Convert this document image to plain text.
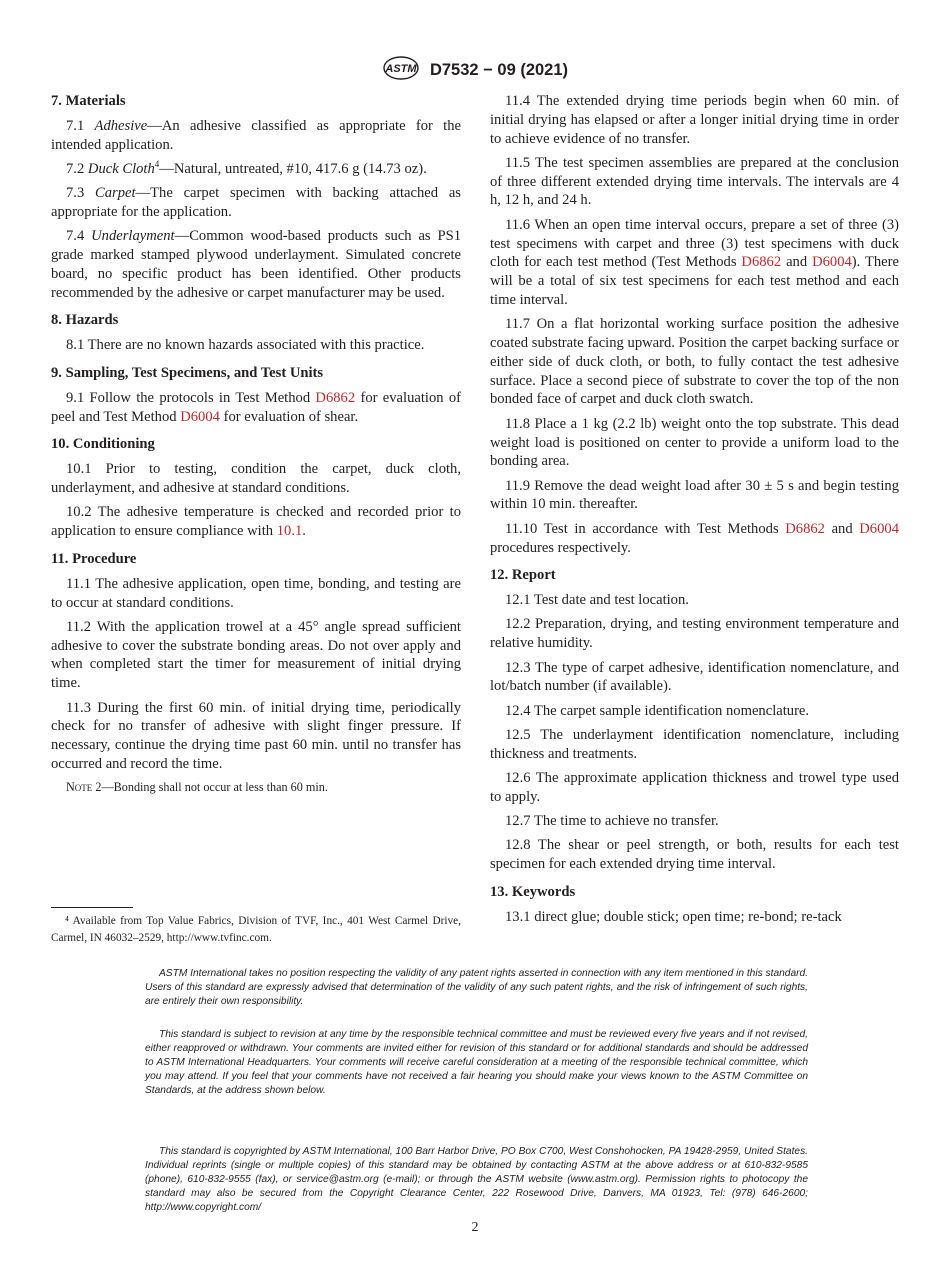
ASTM D7532 − 09 (2021)
7. Materials

7.1 Adhesive—An adhesive classified as appropriate for the intended application.

7.2 Duck Cloth$^4$—Natural, untreated, #10, 417.6 g (14.73 oz).

7.3 Carpet—The carpet specimen with backing attached as appropriate for the application.

7.4 Underlayment—Common wood-based products such as PS1 grade marked stamped plywood underlayment. Simulated concrete board, no specific product has been identified. Other products recommended by the adhesive or carpet manufacturer may be used.

8. Hazards

8.1 There are no known hazards associated with this practice.

9. Sampling, Test Specimens, and Test Units

9.1 Follow the protocols in Test Method D6862 for evaluation of peel and Test Method D6004 for evaluation of shear.

10. Conditioning

10.1 Prior to testing, condition the carpet, duck cloth, underlayment, and adhesive at standard conditions.

10.2 The adhesive temperature is checked and recorded prior to application to ensure compliance with 10.1.

11. Procedure

11.1 The adhesive application, open time, bonding, and testing are to occur at standard conditions.

11.2 With the application trowel at a 45° angle spread sufficient adhesive to cover the substrate bonding areas. Do not over apply and when completed start the timer for measurement of initial drying time.

11.3 During the first 60 min. of initial drying time, periodically check for no transfer of adhesive with slight finger pressure. If necessary, continue the drying time past 60 min. until no transfer has occurred and record the time.

Note 2—Bonding shall not occur at less than 60 min.

⁴ Available from Top Value Fabrics, Division of TVF, Inc., 401 West Carmel Drive, Carmel, IN 46032–2529, http://www.tvfinc.com.

11.4 The extended drying time periods begin when 60 min. of initial drying has elapsed or after a longer initial drying time in order to achieve evidence of no transfer.

11.5 The test specimen assemblies are prepared at the conclusion of three different extended drying time intervals. The intervals are 4 h, 12 h, and 24 h.

11.6 When an open time interval occurs, prepare a set of three (3) test specimens with carpet and three (3) test specimens with duck cloth for each test method (Test Methods D6862 and D6004). There will be a total of six test specimens for each test method and each time interval.

11.7 On a flat horizontal working surface position the adhesive coated substrate facing upward. Position the carpet backing surface or either side of duck cloth, or both, to fully contact the test adhesive surface. Place a second piece of substrate to cover the top of the non bonded face of carpet and duck cloth swatch.

11.8 Place a 1 kg (2.2 lb) weight onto the top substrate. This dead weight load is positioned on center to provide a uniform load to the bonding area.

11.9 Remove the dead weight load after 30 ± 5 s and begin testing within 10 min. thereafter.

11.10 Test in accordance with Test Methods D6862 and D6004 procedures respectively.

12. Report

12.1 Test date and test location.

12.2 Preparation, drying, and testing environment temperature and relative humidity.

12.3 The type of carpet adhesive, identification nomenclature, and lot/batch number (if available).

12.4 The carpet sample identification nomenclature.

12.5 The underlayment identification nomenclature, including thickness and treatments.

12.6 The approximate application thickness and trowel type used to apply.

12.7 The time to achieve no transfer.

12.8 The shear or peel strength, or both, results for each test specimen for each extended drying time interval.

13. Keywords

13.1 direct glue; double stick; open time; re-bond; re-tack

ASTM International takes no position respecting the validity of any patent rights asserted in connection with any item mentioned in this standard. Users of this standard are expressly advised that determination of the validity of any such patent rights, and the risk of infringement of such rights, are entirely their own responsibility.

This standard is subject to revision at any time by the responsible technical committee and must be reviewed every five years and if not revised, either reapproved or withdrawn. Your comments are invited either for revision of this standard or for additional standards and should be addressed to ASTM International Headquarters. Your comments will receive careful consideration at a meeting of the responsible technical committee, which you may attend. If you feel that your comments have not received a fair hearing you should make your views known to the ASTM Committee on Standards, at the address shown below.

This standard is copyrighted by ASTM International, 100 Barr Harbor Drive, PO Box C700, West Conshohocken, PA 19428-2959, United States. Individual reprints (single or multiple copies) of this standard may be obtained by contacting ASTM at the above address or at 610-832-9585 (phone), 610-832-9555 (fax), or service@astm.org (e-mail); or through the ASTM website (www.astm.org). Permission rights to photocopy the standard may also be secured from the Copyright Clearance Center, 222 Rosewood Drive, Danvers, MA 01923, Tel: (978) 646-2600; http://www.copyright.com/

2
